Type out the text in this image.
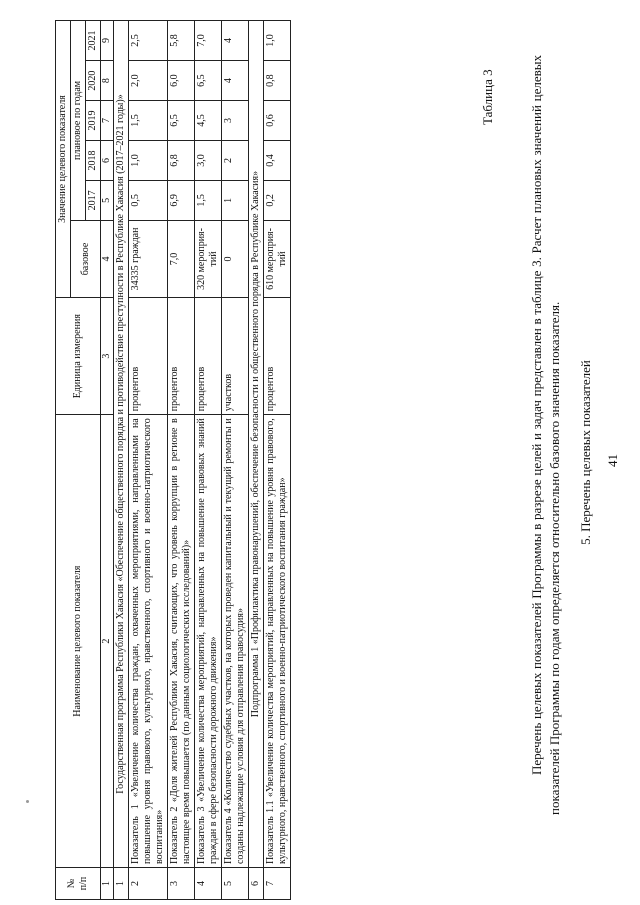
41
5. Перечень целевых показателей
Перечень целевых показателей Программы в разрезе целей и задач представлен в таблице 3. Расчет плановых значений целевых показателей Программы по годам определяется относительно базового значения показателя.
Таблица 3
№
п/п	Наименование целевого показателя	Единица измерения	Значение целевого показателя					
			базовое	плановое по годам				
				2017	2018	2019	2020	2021
1	2	3	4	5	6	7	8	9
1	Государственная программа Республики Хакасия «Обеспечение общественного порядка и противодействие преступности в Республике Хакасия (2017–2021 годы)»							
2	Показатель 1 «Увеличение количества граждан, охваченных мероприятиями, направленными на повышение уровня правового, культурного, нравственного, спортивного и военно-патриотического воспитания»	процентов	34335 граждан	0,5	1,0	1,5	2,0	2,5
3	Показатель 2 «Доля жителей Республики Хакасия, считающих, что уровень коррупции в регионе в настоящее время повышается (по данным социологических исследований)»	процентов	7,0	6,9	6,8	6,5	6,0	5,8
4	Показатель 3 «Увеличение количества мероприятий, направленных на повышение правовых знаний граждан в сфере безопасности дорожного движения»	процентов	320 мероприя-тий	1,5	3,0	4,5	6,5	7,0
5	Показатель 4 «Количество судебных участков, на которых проведен капитальный и текущий ремонты и созданы надлежащие условия для отправления правосудия»	участков	0	1	2	3	4	4
6	Подпрограмма 1 «Профилактика правонарушений, обеспечение безопасности и общественного порядка в Республике Хакасия»							
7	Показатель 1.1 «Увеличение количества мероприятий, направленных на повышение уровня правового, культурного, нравственного, спортивного и военно-патриотического воспитания граждан»	процентов	610 мероприя-тий	0,2	0,4	0,6	0,8	1,0
